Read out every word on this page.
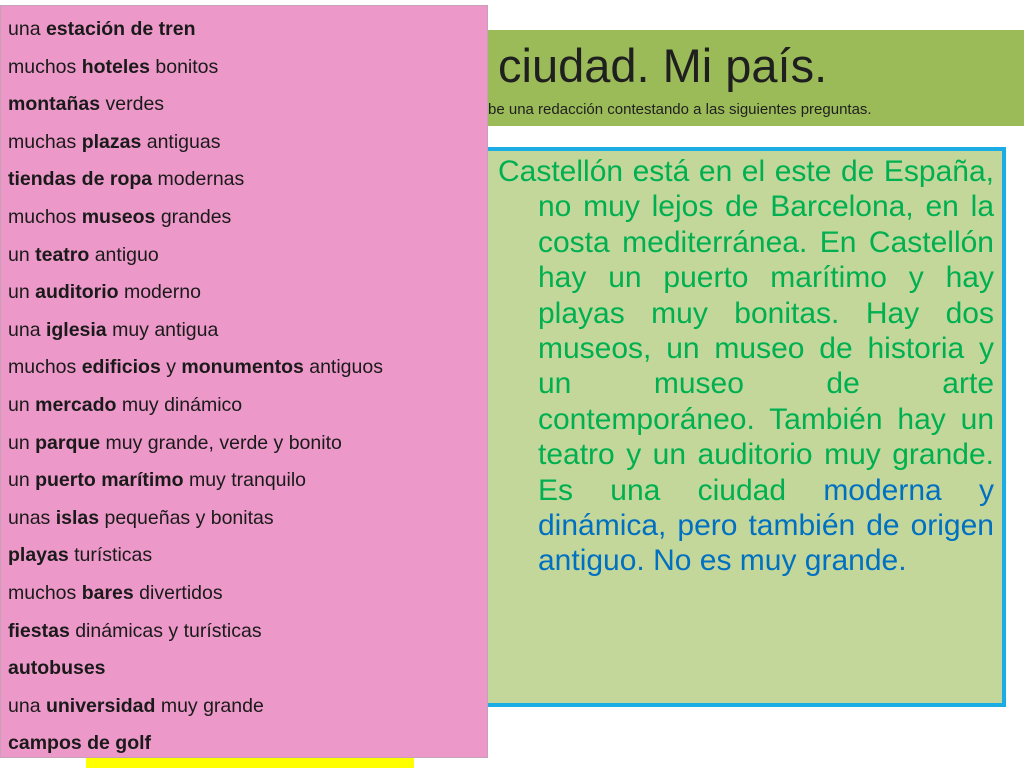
ciudad. Mi país.
be una redacción contestando a las siguientes preguntas.
Castellón está en el este de España, no muy lejos de Barcelona, en la costa mediterránea. En Castellón hay un puerto marítimo y hay playas muy bonitas. Hay dos museos, un museo de historia y un museo de arte contemporáneo. También hay un teatro y un auditorio muy grande. Es una ciudad moderna y dinámica, pero también de origen antiguo. No es muy grande.
una estación de tren
muchos hoteles bonitos
montañas verdes
muchas plazas antiguas
tiendas de ropa modernas
muchos museos grandes
un teatro antiguo
un auditorio moderno
una iglesia muy antigua
muchos edificios y monumentos antiguos
un mercado muy dinámico
un parque muy grande, verde y bonito
un puerto marítimo muy tranquilo
unas islas pequeñas y bonitas
playas turísticas
muchos bares divertidos
fiestas dinámicas y turísticas
autobuses
una universidad muy grande
campos de golf
